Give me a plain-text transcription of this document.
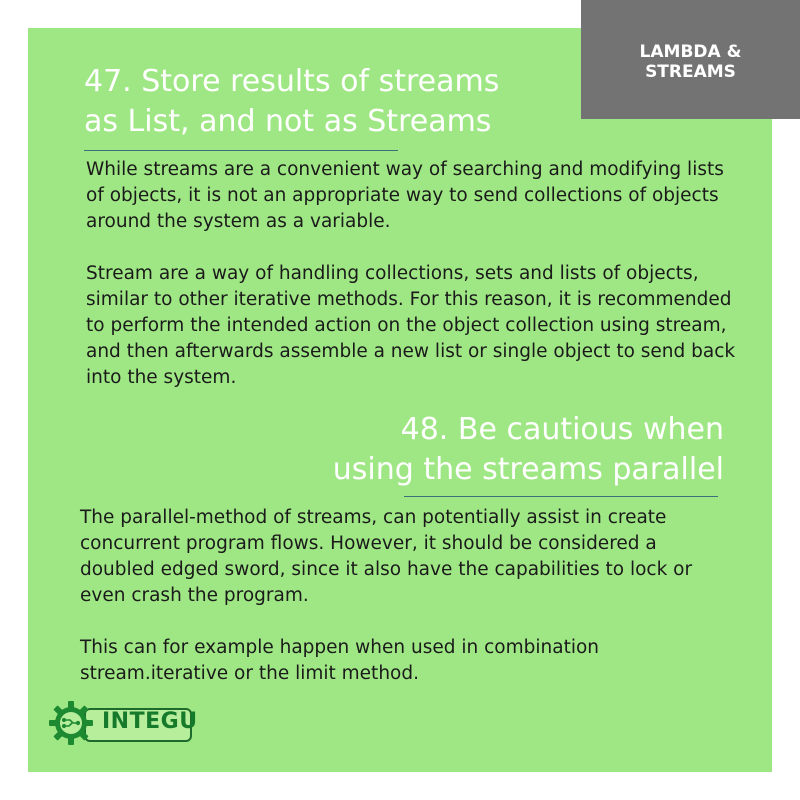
LAMBDA &
STREAMS
47. Store results of streams
as List, and not as Streams

While streams are a convenient way of searching and modifying lists of objects, it is not an appropriate way to send collections of objects around the system as a variable.

Stream are a way of handling collections, sets and lists of objects, similar to other iterative methods. For this reason, it is recommended to perform the intended action on the object collection using stream, and then afterwards assemble a new list or single object to send back into the system.

48. Be cautious when
using the streams parallel

The parallel-method of streams, can potentially assist in create concurrent program flows. However, it should be considered a doubled edged sword, since it also have the capabilities to lock or even crash the program.

This can for example happen when used in combination stream.iterative or the limit method.

INTEGU
